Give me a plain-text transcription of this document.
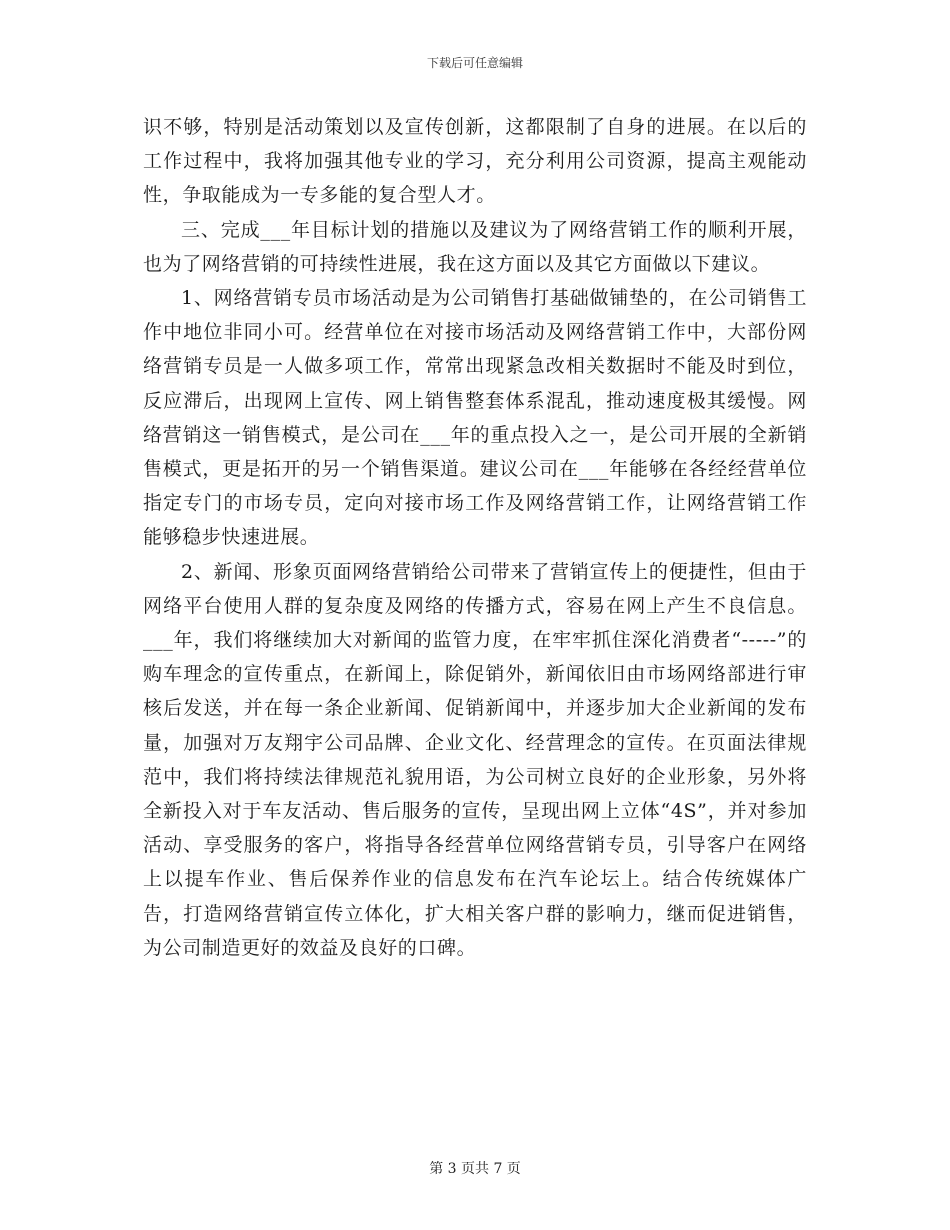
下载后可任意编辑

识不够，特别是活动策划以及宣传创新，这都限制了自身的进展。在以后的工作过程中，我将加强其他专业的学习，充分利用公司资源，提高主观能动性，争取能成为一专多能的复合型人才。

三、完成___年目标计划的措施以及建议为了网络营销工作的顺利开展，也为了网络营销的可持续性进展，我在这方面以及其它方面做以下建议。

1、网络营销专员市场活动是为公司销售打基础做铺垫的，在公司销售工作中地位非同小可。经营单位在对接市场活动及网络营销工作中，大部份网络营销专员是一人做多项工作，常常出现紧急改相关数据时不能及时到位，反应滞后，出现网上宣传、网上销售整套体系混乱，推动速度极其缓慢。网络营销这一销售模式，是公司在___年的重点投入之一，是公司开展的全新销售模式，更是拓开的另一个销售渠道。建议公司在___年能够在各经经营单位指定专门的市场专员，定向对接市场工作及网络营销工作，让网络营销工作能够稳步快速进展。

2、新闻、形象页面网络营销给公司带来了营销宣传上的便捷性，但由于网络平台使用人群的复杂度及网络的传播方式，容易在网上产生不良信息。___年，我们将继续加大对新闻的监管力度，在牢牢抓住深化消费者“-----”的购车理念的宣传重点，在新闻上，除促销外，新闻依旧由市场网络部进行审核后发送，并在每一条企业新闻、促销新闻中，并逐步加大企业新闻的发布量，加强对万友翔宇公司品牌、企业文化、经营理念的宣传。在页面法律规范中，我们将持续法律规范礼貌用语，为公司树立良好的企业形象，另外将全新投入对于车友活动、售后服务的宣传，呈现出网上立体“4S”，并对参加活动、享受服务的客户，将指导各经营单位网络营销专员，引导客户在网络上以提车作业、售后保养作业的信息发布在汽车论坛上。结合传统媒体广告，打造网络营销宣传立体化，扩大相关客户群的影响力，继而促进销售，为公司制造更好的效益及良好的口碑。

第 3 页共 7 页
